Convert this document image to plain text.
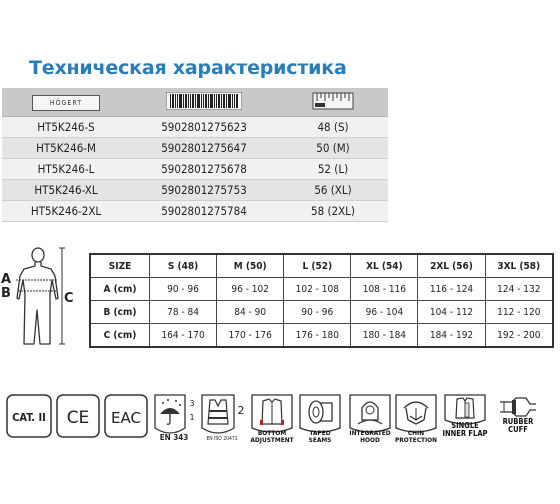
Техническая характеристика
HÖGERT		
HT5K246-S	5902801275623	48 (S)
HT5K246-M	5902801275647	50 (M)
HT5K246-L	5902801275678	52 (L)
HT5K246-XL	5902801275753	56 (XL)
HT5K246-2XL	5902801275784	58 (2XL)
A
B	C
SIZE	S (48)	M (50)	L (52)	XL (54)	2XL (56)	3XL (58)
A (cm)	90 - 96	96 - 102	102 - 108	108 - 116	116 - 124	124 - 132
B (cm)	78 - 84	84 - 90	90 - 96	96 - 104	104 - 112	112 - 120
C (cm)	164 - 170	170 - 176	176 - 180	180 - 184	184 - 192	192 - 200
CAT. II CE EAC
3
1
EN 343
2
EN ISO 20471
BOTTOM
ADJUSTMENT
TAPED
SEAMS
INTEGRATED
HOOD
CHIN
PROTECTION
SINGLE
INNER FLAP
RUBBER
CUFF
